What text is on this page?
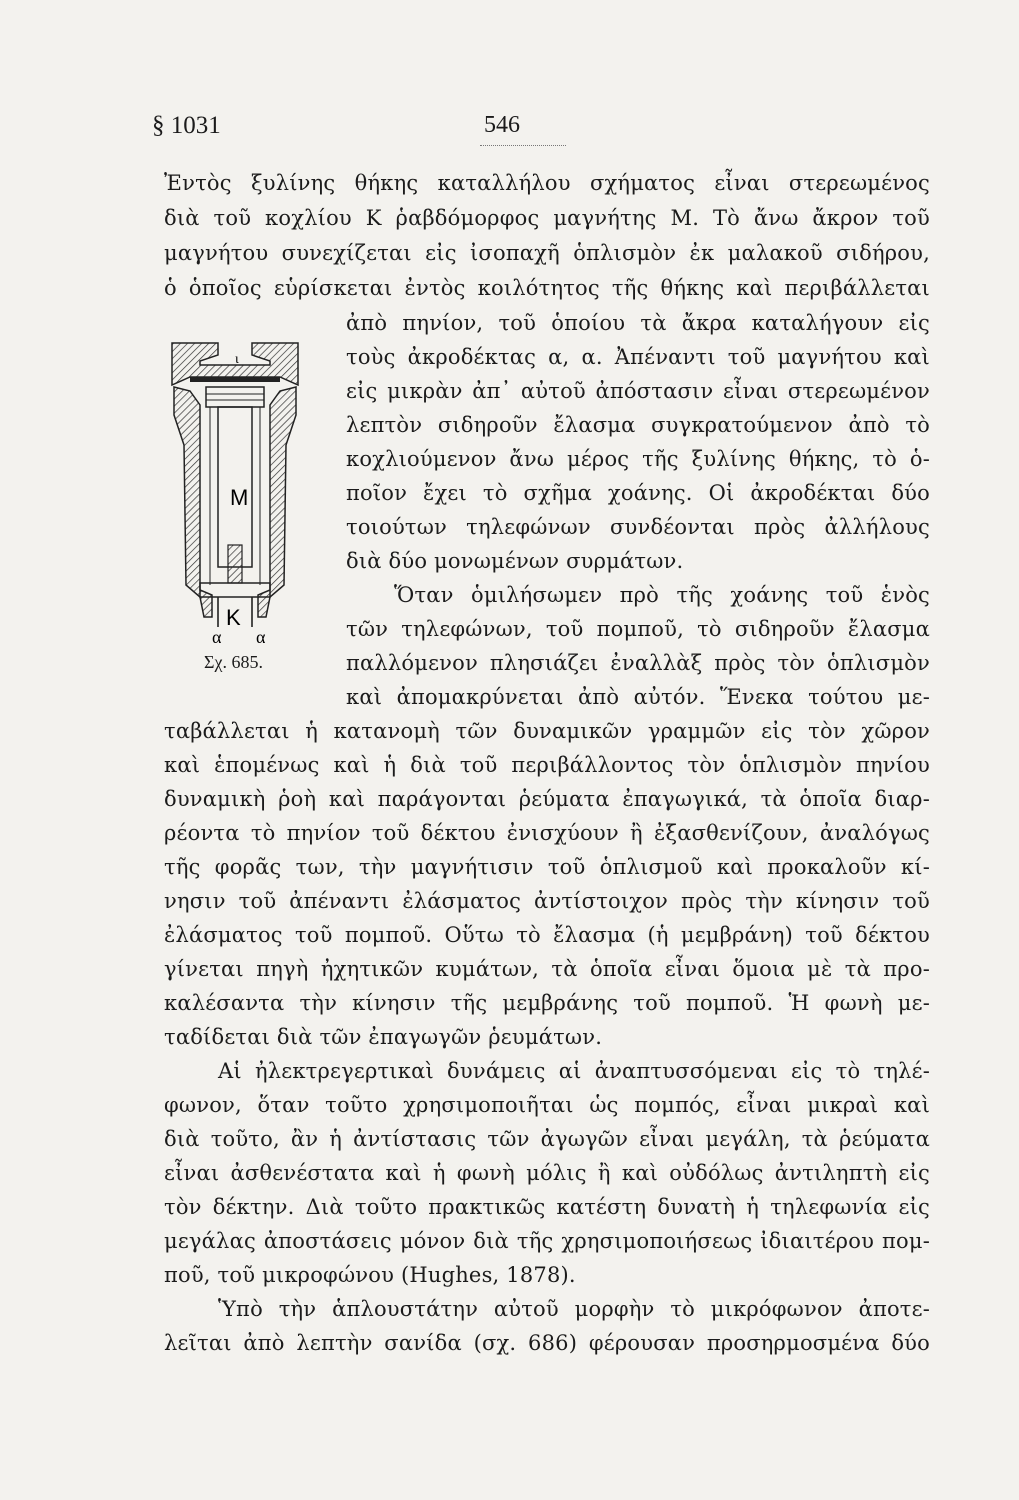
§ 1031	546
Ἐντὸς ξυλίνης θήκης καταλλήλου σχήματος εἶναι στερεωμένος
διὰ τοῦ κοχλίου Κ ῥαβδόμορφος μαγνήτης Μ. Τὸ ἄνω ἄκρον τοῦ
μαγνήτου συνεχίζεται εἰς ἰσοπαχῆ ὁπλισμὸν ἐκ μαλακοῦ σιδήρου,
ὁ ὁποῖος εὑρίσκεται ἐντὸς κοιλότητος τῆς θήκης καὶ περιβάλλεται
ἀπὸ πηνίον, τοῦ ὁποίου τὰ ἄκρα καταλήγουν εἰς
τοὺς ἀκροδέκτας α, α. Ἀπέναντι τοῦ μαγνήτου καὶ
εἰς μικρὰν ἀπ᾽ αὐτοῦ ἀπόστασιν εἶναι στερεωμένον
λεπτὸν σιδηροῦν ἔλασμα συγκρατούμενον ἀπὸ τὸ
κοχλιούμενον ἄνω μέρος τῆς ξυλίνης θήκης, τὸ ὁ-
ποῖον ἔχει τὸ σχῆμα χοάνης. Οἱ ἀκροδέκται δύο
τοιούτων τηλεφώνων συνδέονται πρὸς ἀλλήλους
διὰ δύο μονωμένων συρμάτων.
Ὅταν ὁμιλήσωμεν πρὸ τῆς χοάνης τοῦ ἑνὸς
τῶν τηλεφώνων, τοῦ πομποῦ, τὸ σιδηροῦν ἔλασμα
παλλόμενον πλησιάζει ἐναλλὰξ πρὸς τὸν ὁπλισμὸν
καὶ ἀπομακρύνεται ἀπὸ αὐτόν. Ἕνεκα τούτου με-
ταβάλλεται ἡ κατανομὴ τῶν δυναμικῶν γραμμῶν εἰς τὸν χῶρον
καὶ ἑπομένως καὶ ἡ διὰ τοῦ περιβάλλοντος τὸν ὁπλισμὸν πηνίου
δυναμικὴ ῥοὴ καὶ παράγονται ῥεύματα ἐπαγωγικά, τὰ ὁποῖα διαρ-
ρέοντα τὸ πηνίον τοῦ δέκτου ἐνισχύουν ἢ ἐξασθενίζουν, ἀναλόγως
τῆς φορᾶς των, τὴν μαγνήτισιν τοῦ ὁπλισμοῦ καὶ προκαλοῦν κί-
νησιν τοῦ ἀπέναντι ἐλάσματος ἀντίστοιχον πρὸς τὴν κίνησιν τοῦ
ἐλάσματος τοῦ πομποῦ. Οὕτω τὸ ἔλασμα (ἡ μεμβράνη) τοῦ δέκτου
γίνεται πηγὴ ἠχητικῶν κυμάτων, τὰ ὁποῖα εἶναι ὅμοια μὲ τὰ προ-
καλέσαντα τὴν κίνησιν τῆς μεμβράνης τοῦ πομποῦ. Ἡ φωνὴ με-
ταδίδεται διὰ τῶν ἐπαγωγῶν ῥευμάτων.
Αἱ ἠλεκτρεγερτικαὶ δυνάμεις αἱ ἀναπτυσσόμεναι εἰς τὸ τηλέ-
φωνον, ὅταν τοῦτο χρησιμοποιῆται ὡς πομπός, εἶναι μικραὶ καὶ
διὰ τοῦτο, ἂν ἡ ἀντίστασις τῶν ἀγωγῶν εἶναι μεγάλη, τὰ ῥεύματα
εἶναι ἀσθενέστατα καὶ ἡ φωνὴ μόλις ἢ καὶ οὐδόλως ἀντιληπτὴ εἰς
τὸν δέκτην. Διὰ τοῦτο πρακτικῶς κατέστη δυνατὴ ἡ τηλεφωνία εἰς
μεγάλας ἀποστάσεις μόνον διὰ τῆς χρησιμοποιήσεως ἰδιαιτέρου πομ-
ποῦ, τοῦ μικροφώνου (Hughes, 1878).
Ὑπὸ τὴν ἁπλουστάτην αὐτοῦ μορφὴν τὸ μικρόφωνον ἀποτε-
λεῖται ἀπὸ λεπτὴν σανίδα (σχ. 686) φέρουσαν προσηρμοσμένα δύο
M
ι
K
α α
Σχ. 685.
